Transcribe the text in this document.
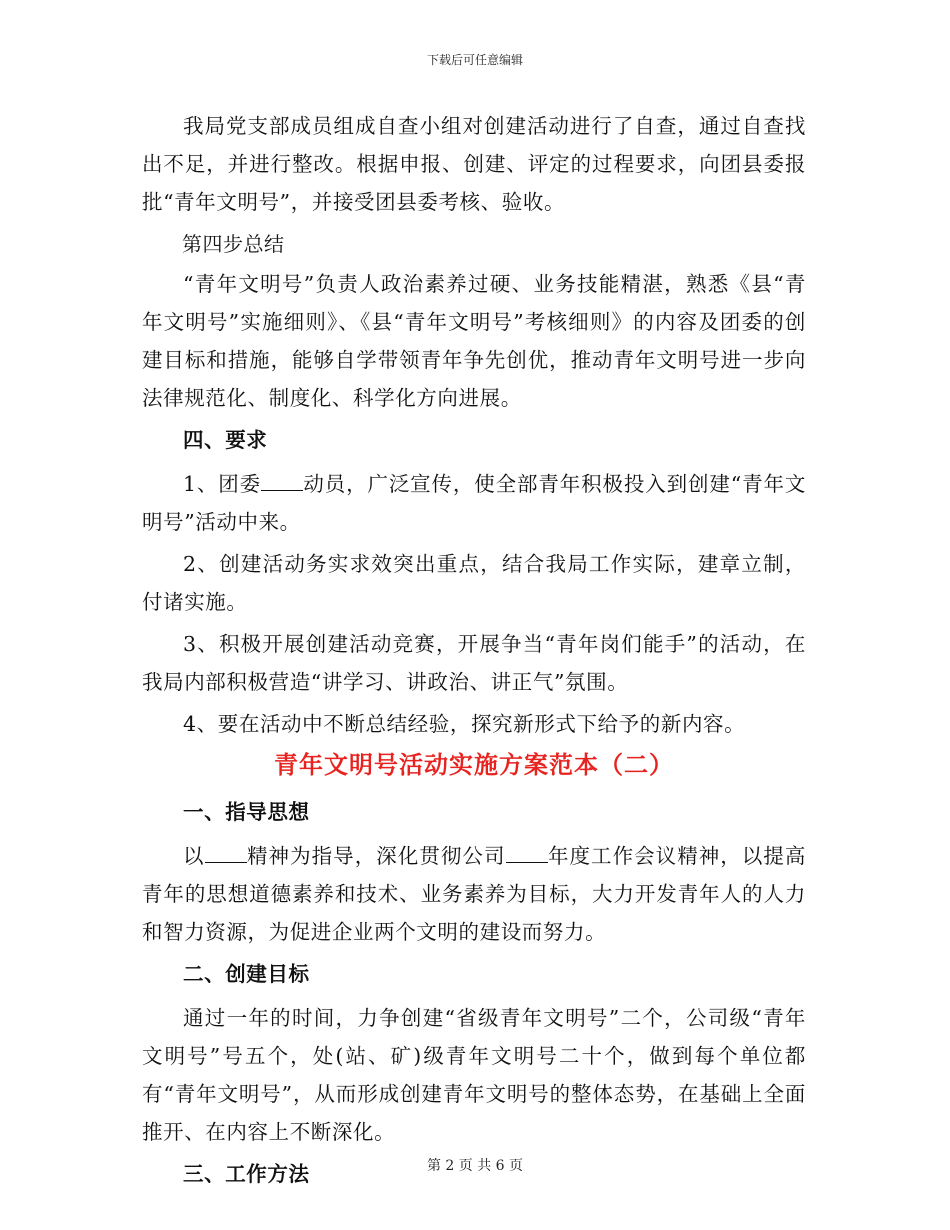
下载后可任意编辑

我局党支部成员组成自查小组对创建活动进行了自查，通过自查找出不足，并进行整改。根据申报、创建、评定的过程要求，向团县委报批“青年文明号”，并接受团县委考核、验收。

第四步总结

“青年文明号”负责人政治素养过硬、业务技能精湛，熟悉《县“青年文明号”实施细则》、《县“青年文明号”考核细则》的内容及团委的创建目标和措施，能够自学带领青年争先创优，推动青年文明号进一步向法律规范化、制度化、科学化方向进展。

四、要求

1、团委 动员，广泛宣传，使全部青年积极投入到创建“青年文明号”活动中来。

2、创建活动务实求效突出重点，结合我局工作实际，建章立制，付诸实施。

3、积极开展创建活动竞赛，开展争当“青年岗们能手”的活动，在我局内部积极营造“讲学习、讲政治、讲正气”氛围。

4、要在活动中不断总结经验，探究新形式下给予的新内容。

青年文明号活动实施方案范本（二）

一、指导思想

以 精神为指导，深化贯彻公司 年度工作会议精神，以提高青年的思想道德素养和技术、业务素养为目标，大力开发青年人的人力和智力资源，为促进企业两个文明的建设而努力。

二、创建目标

通过一年的时间，力争创建“省级青年文明号”二个，公司级“青年文明号”号五个，处(站、矿)级青年文明号二十个，做到每个单位都有“青年文明号”，从而形成创建青年文明号的整体态势，在基础上全面推开、在内容上不断深化。

三、工作方法	第 2 页 共 6 页
